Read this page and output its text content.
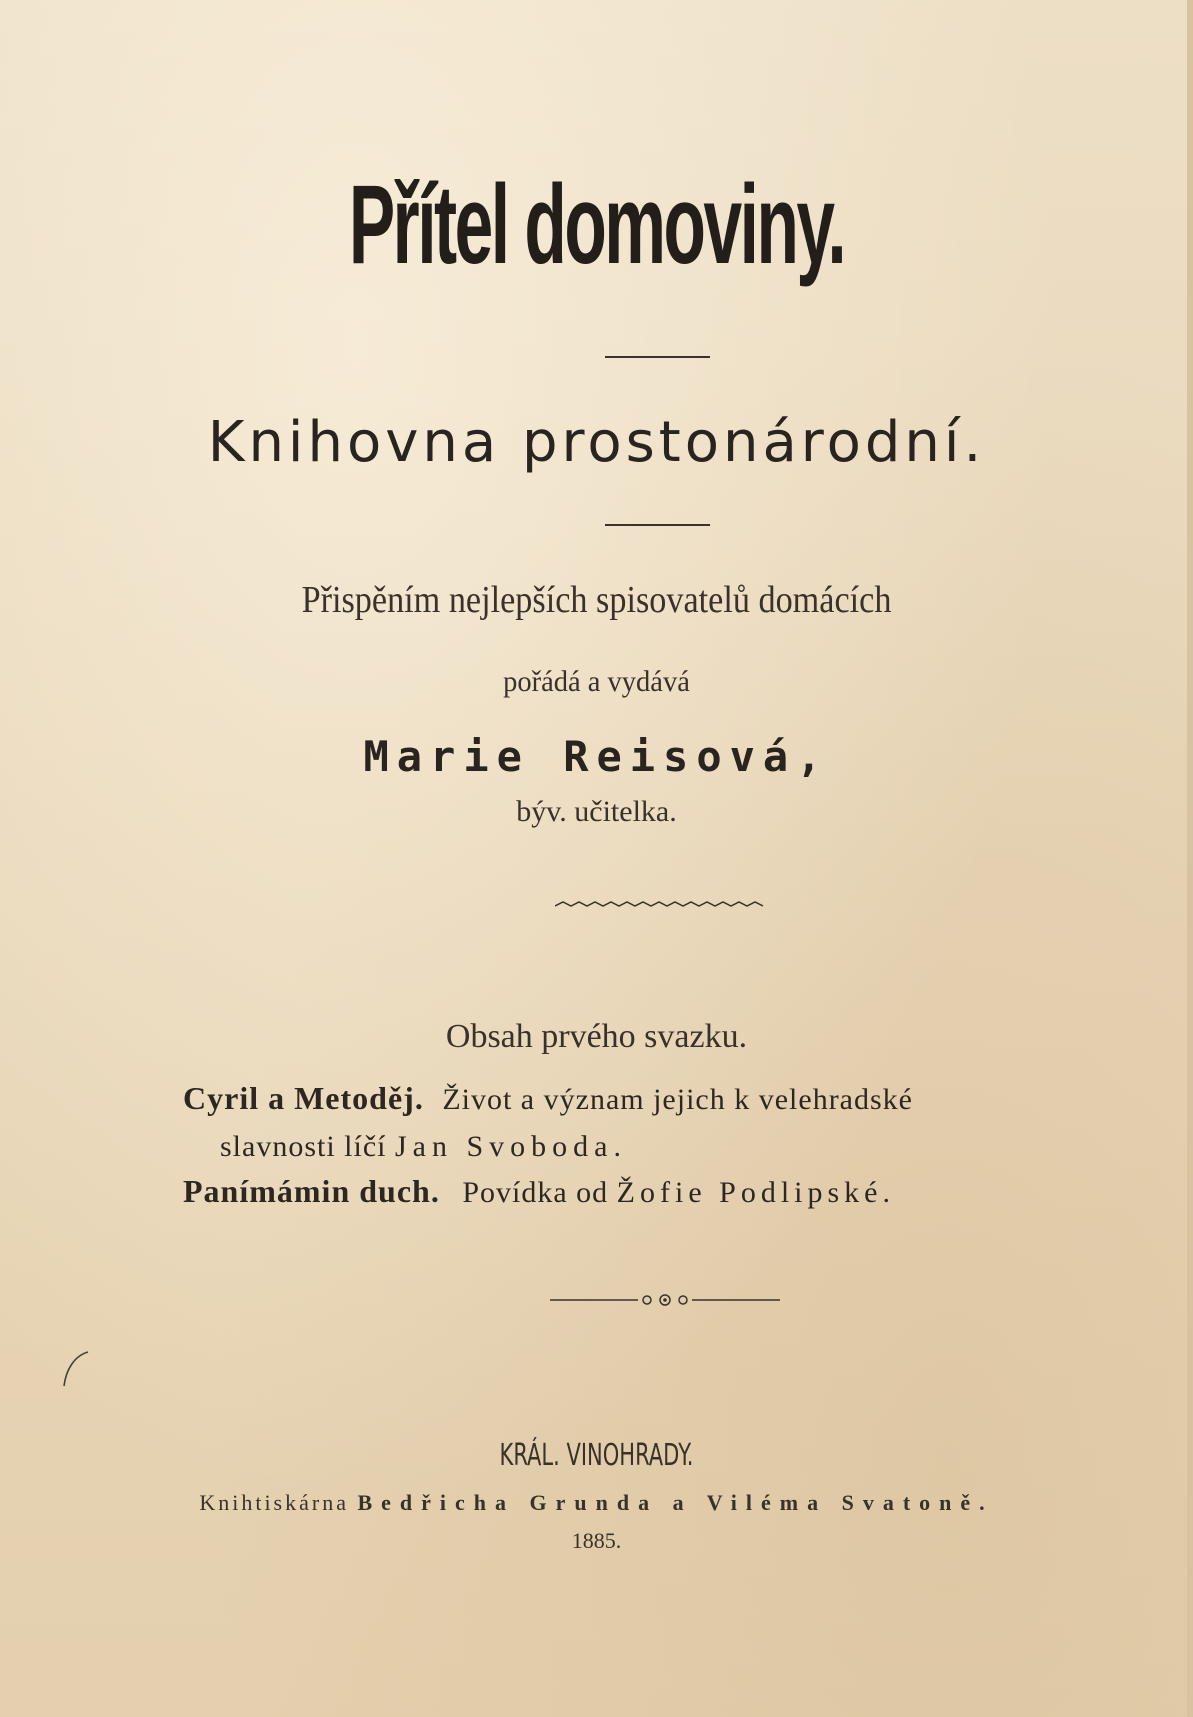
Přítel domoviny.
Knihovna prostonárodní.
Přispěním nejlepších spisovatelů domácích
pořádá a vydává
Marie Reisová,
býv. učitelka.
Obsah prvého svazku.
Cyril a Metoděj. Život a význam jejich k velehradské
slavnosti líčí Jan Svoboda.
Panímámin duch. Povídka od Žofie Podlipské.
KRÁL. VINOHRADY.
Knihtiskárna Bedřicha Grunda a Viléma Svatoně.
1885.
